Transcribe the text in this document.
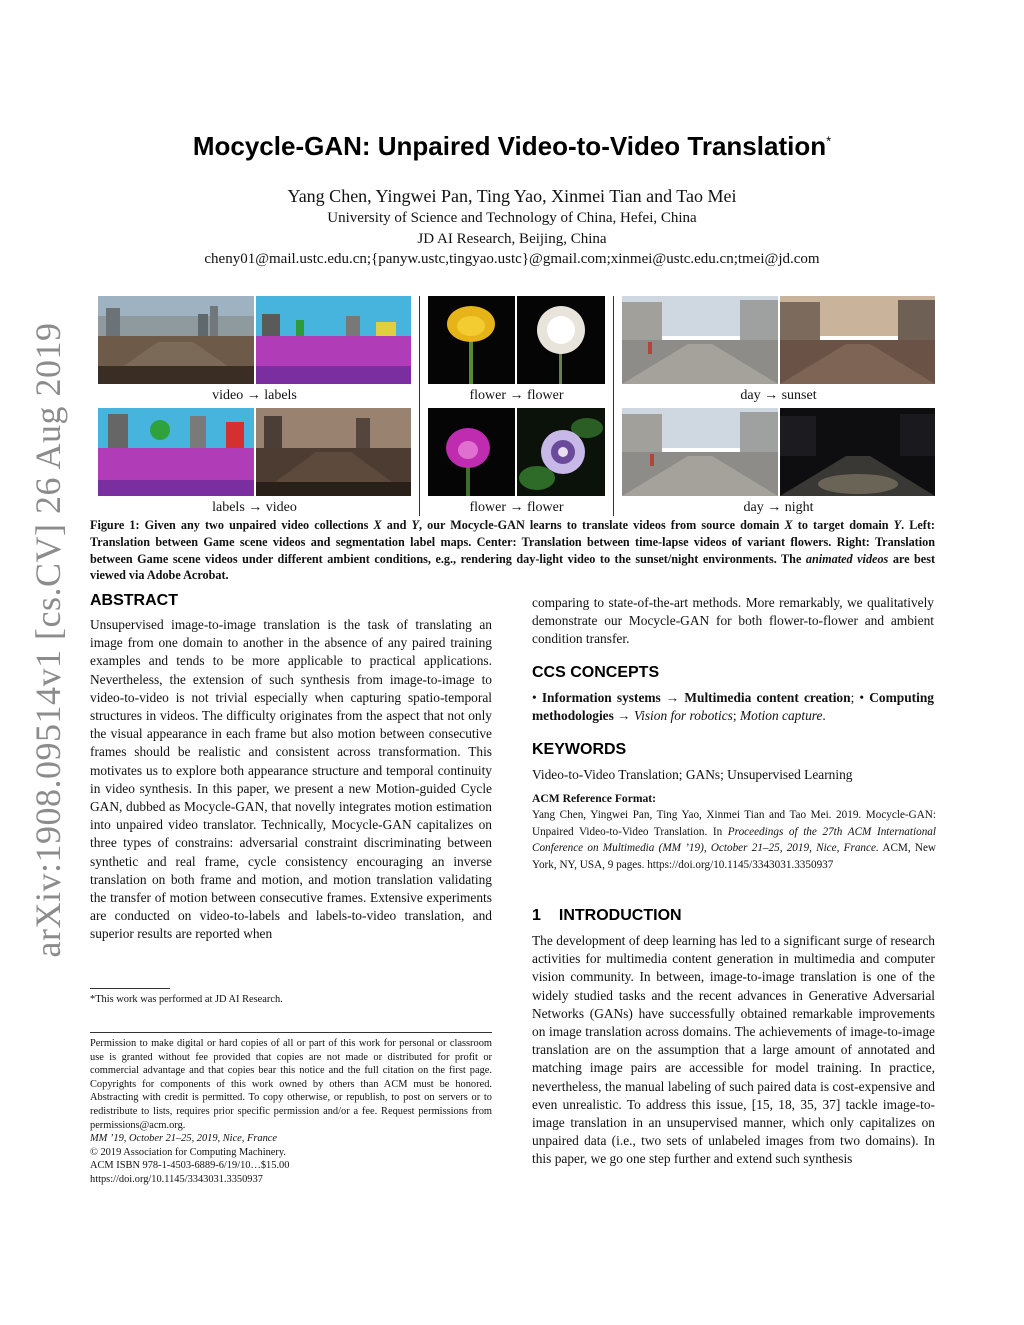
arXiv:1908.09514v1 [cs.CV] 26 Aug 2019
Mocycle-GAN: Unpaired Video-to-Video Translation*
Yang Chen, Yingwei Pan, Ting Yao, Xinmei Tian and Tao Mei
University of Science and Technology of China, Hefei, China
JD AI Research, Beijing, China
cheny01@mail.ustc.edu.cn;{panyw.ustc,tingyao.ustc}@gmail.com;xinmei@ustc.edu.cn;tmei@jd.com
video → labels	flower → flower	day → sunset
labels → video	flower → flower	day → night

Figure 1: Given any two unpaired video collections X and Y, our Mocycle-GAN learns to translate videos from source domain X to target domain Y. Left: Translation between Game scene videos and segmentation label maps. Center: Translation between time-lapse videos of variant flowers. Right: Translation between Game scene videos under different ambient conditions, e.g., rendering day-light video to the sunset/night environments. The animated videos are best viewed via Adobe Acrobat.

ABSTRACT

Unsupervised image-to-image translation is the task of translating an image from one domain to another in the absence of any paired training examples and tends to be more applicable to practical applications. Nevertheless, the extension of such synthesis from image-to-image to video-to-video is not trivial especially when capturing spatio-temporal structures in videos. The difficulty originates from the aspect that not only the visual appearance in each frame but also motion between consecutive frames should be realistic and consistent across transformation. This motivates us to explore both appearance structure and temporal continuity in video synthesis. In this paper, we present a new Motion-guided Cycle GAN, dubbed as Mocycle-GAN, that novelly integrates motion estimation into unpaired video translator. Technically, Mocycle-GAN capitalizes on three types of constrains: adversarial constraint discriminating between synthetic and real frame, cycle consistency encouraging an inverse translation on both frame and motion, and motion translation validating the transfer of motion between consecutive frames. Extensive experiments are conducted on video-to-labels and labels-to-video translation, and superior results are reported when

*This work was performed at JD AI Research.

Permission to make digital or hard copies of all or part of this work for personal or classroom use is granted without fee provided that copies are not made or distributed for profit or commercial advantage and that copies bear this notice and the full citation on the first page. Copyrights for components of this work owned by others than ACM must be honored. Abstracting with credit is permitted. To copy otherwise, or republish, to post on servers or to redistribute to lists, requires prior specific permission and/or a fee. Request permissions from permissions@acm.org.

MM ’19, October 21–25, 2019, Nice, France

© 2019 Association for Computing Machinery.

ACM ISBN 978-1-4503-6889-6/19/10…$15.00

https://doi.org/10.1145/3343031.3350937

comparing to state-of-the-art methods. More remarkably, we qualitatively demonstrate our Mocycle-GAN for both flower-to-flower and ambient condition transfer.

CCS CONCEPTS

• Information systems → Multimedia content creation; • Computing methodologies → Vision for robotics; Motion capture.

KEYWORDS

Video-to-Video Translation; GANs; Unsupervised Learning

ACM Reference Format:

Yang Chen, Yingwei Pan, Ting Yao, Xinmei Tian and Tao Mei. 2019. Mocycle-GAN: Unpaired Video-to-Video Translation. In Proceedings of the 27th ACM International Conference on Multimedia (MM ’19), October 21–25, 2019, Nice, France. ACM, New York, NY, USA, 9 pages. https://doi.org/10.1145/3343031.3350937

1 INTRODUCTION

The development of deep learning has led to a significant surge of research activities for multimedia content generation in multimedia and computer vision community. In between, image-to-image translation is one of the widely studied tasks and the recent advances in Generative Adversarial Networks (GANs) have successfully obtained remarkable improvements on image translation across domains. The achievements of image-to-image translation are on the assumption that a large amount of annotated and matching image pairs are accessible for model training. In practice, nevertheless, the manual labeling of such paired data is cost-expensive and even unrealistic. To address this issue, [15, 18, 35, 37] tackle image-to-image translation in an unsupervised manner, which only capitalizes on unpaired data (i.e., two sets of unlabeled images from two domains). In this paper, we go one step further and extend such synthesis
